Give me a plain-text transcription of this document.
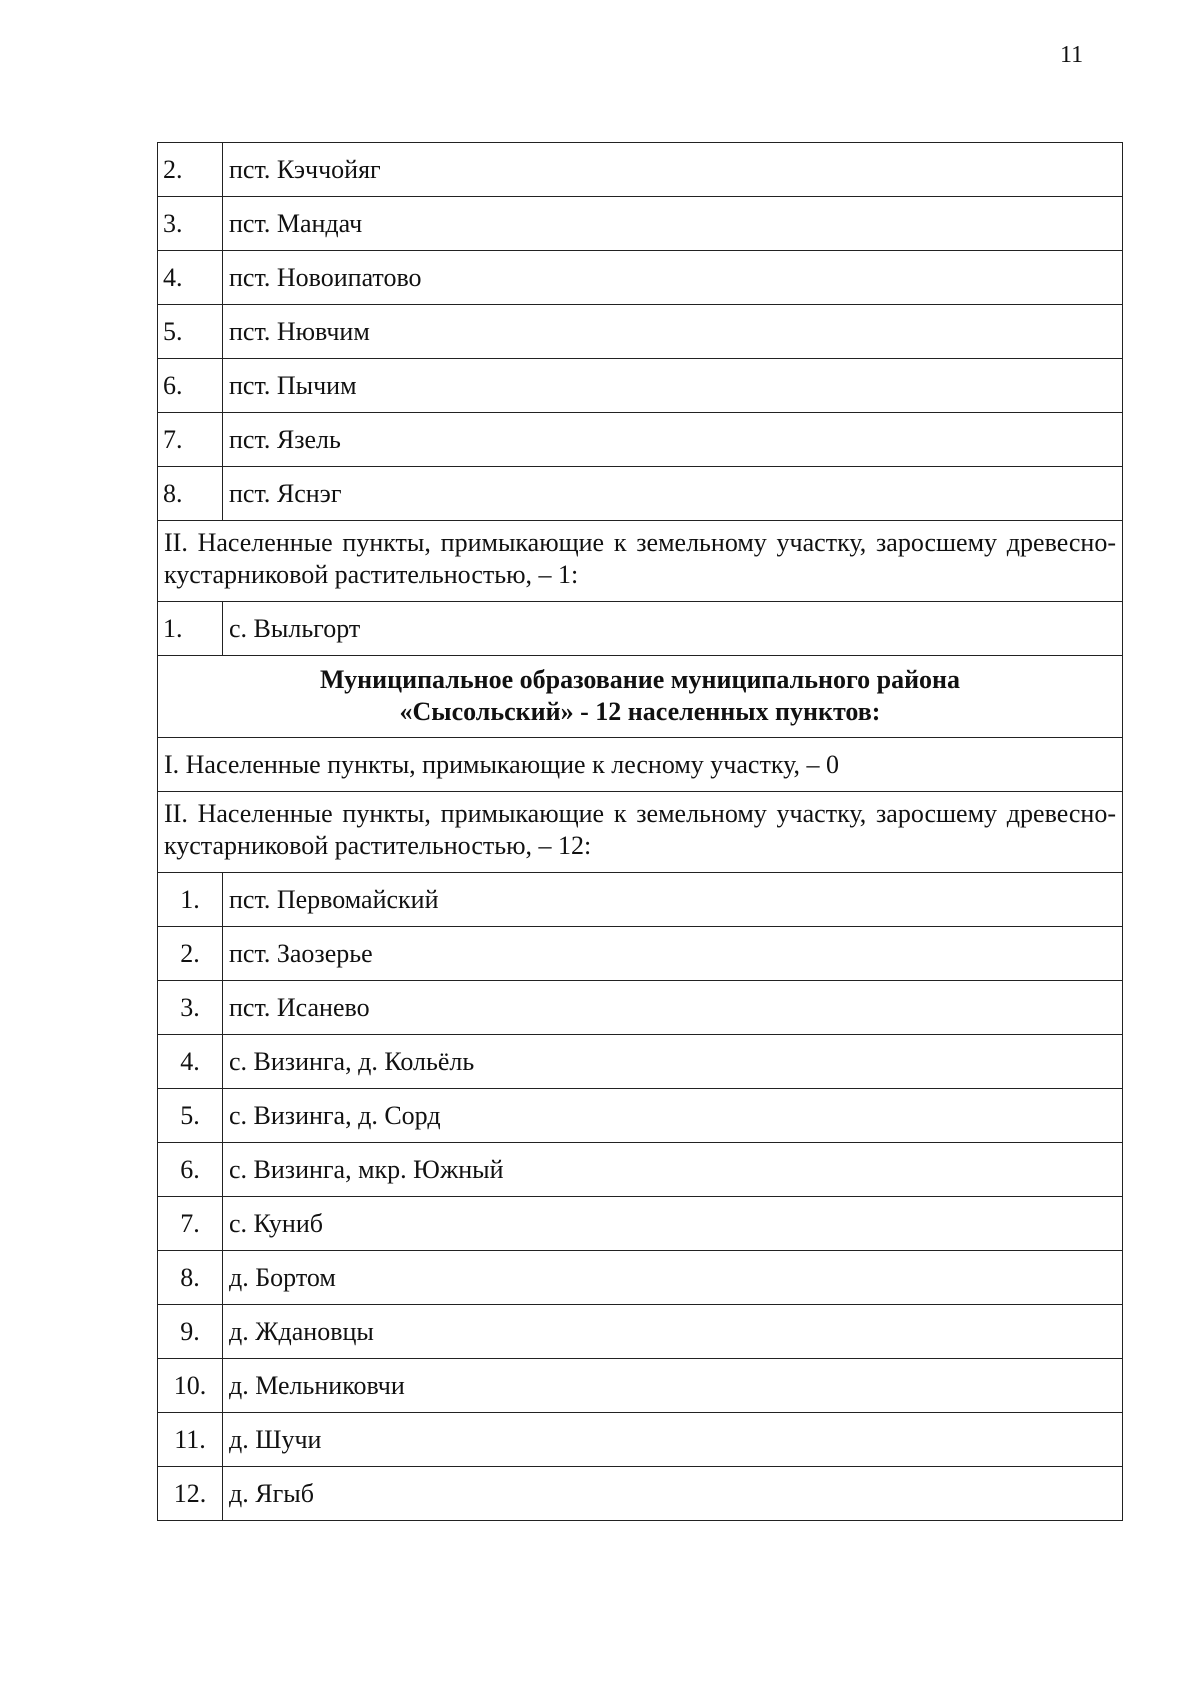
11
2.	пст. Кэччойяг
3.	пст. Мандач
4.	пст. Новоипатово
5.	пст. Нювчим
6.	пст. Пычим
7.	пст. Язель
8.	пст. Яснэг
II. Населенные пункты, примыкающие к земельному участку, заросшему древесно-кустарниковой растительностью, – 1:	
1.	с. Выльгорт

Муниципальное образование муниципального района
«Сысольский» - 12 населенных пунктов:	

I. Населенные пункты, примыкающие к лесному участку, – 0	
II. Населенные пункты, примыкающие к земельному участку, заросшему древесно-кустарниковой растительностью, – 12:	
1.	пст. Первомайский
2.	пст. Заозерье
3.	пст. Исанево
4.	с. Визинга, д. Кольёль
5.	с. Визинга, д. Сорд
6.	с. Визинга, мкр. Южный
7.	с. Куниб
8.	д. Бортом
9.	д. Ждановцы
10.	д. Мельниковчи
11.	д. Шучи
12.	д. Ягыб
